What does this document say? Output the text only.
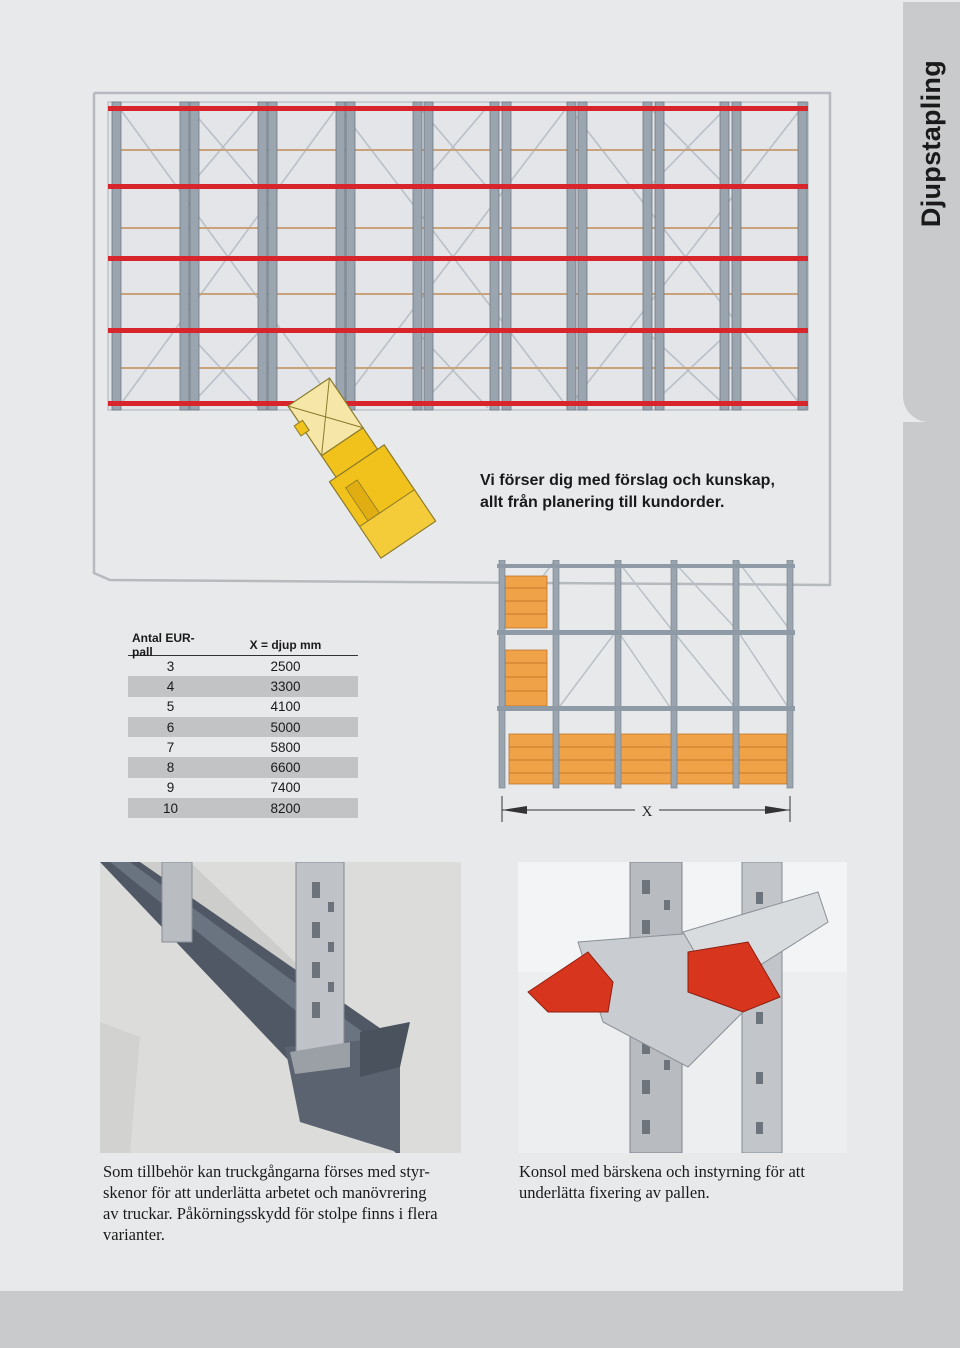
Djupstapling
Vi förser dig med förslag och kunskap,
allt från planering till kundorder.
Antal EUR-pall	X = djup mm
3	2500
4	3300
5	4100
6	5000
7	5800
8	6600
9	7400
10	8200	X
Som tillbehör kan truckgångarna förses med styr-
skenor för att underlätta arbetet och manövrering
av truckar. Påkörningsskydd för stolpe finns i flera
varianter.
Konsol med bärskena och instyrning för att
underlätta fixering av pallen.
